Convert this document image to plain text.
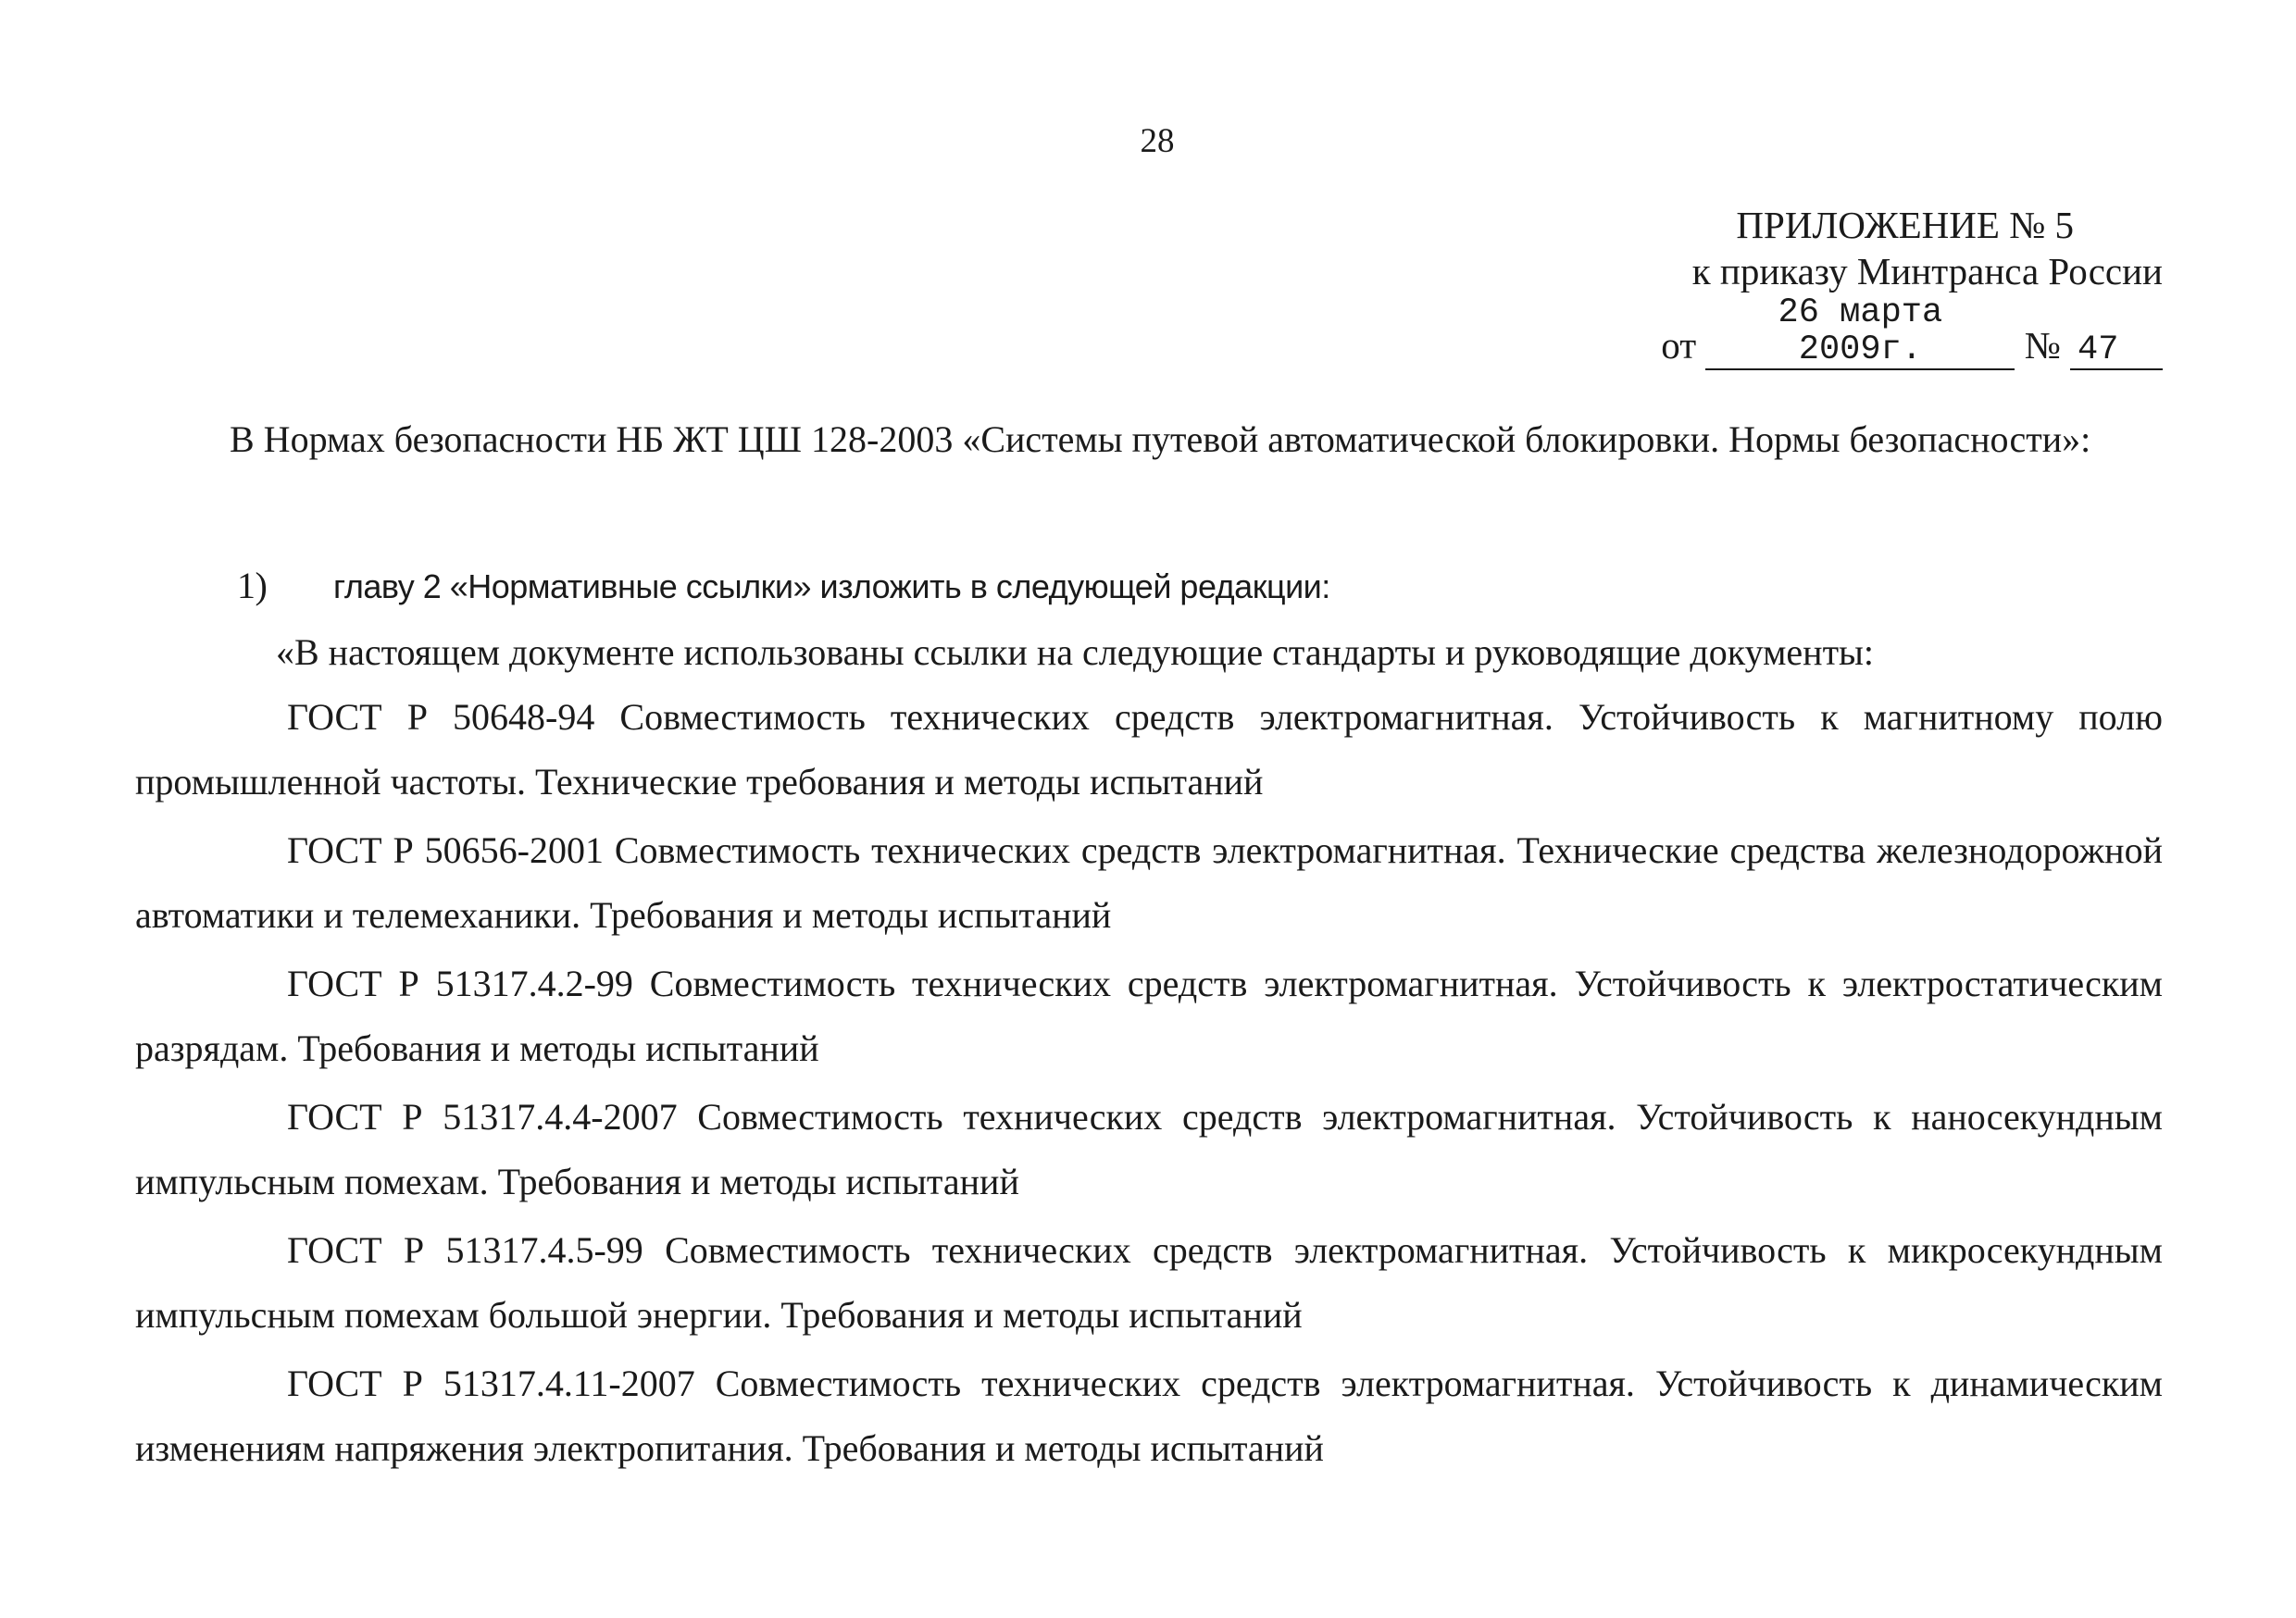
28
ПРИЛОЖЕНИЕ № 5
к приказу Минтранса России
от 26 марта 2009г.	№ 47

В Нормах безопасности НБ ЖТ ЦШ 128-2003 «Системы путевой автоматической блокировки. Нормы безопасности»:

1) главу 2 «Нормативные ссылки» изложить в следующей редакции:
«В настоящем документе использованы ссылки на следующие стандарты и руководящие документы:

ГОСТ Р 50648-94 Совместимость технических средств электромагнитная. Устойчивость к магнитному полю промышленной частоты. Технические требования и методы испытаний

ГОСТ Р 50656-2001 Совместимость технических средств электромагнитная. Технические средства железнодорожной автоматики и телемеханики. Требования и методы испытаний

ГОСТ Р 51317.4.2-99 Совместимость технических средств электромагнитная. Устойчивость к электростатическим разрядам. Требования и методы испытаний

ГОСТ Р 51317.4.4-2007 Совместимость технических средств электромагнитная. Устойчивость к наносекундным импульсным помехам. Требования и методы испытаний

ГОСТ Р 51317.4.5-99 Совместимость технических средств электромагнитная. Устойчивость к микросекундным импульсным помехам большой энергии. Требования и методы испытаний

ГОСТ Р 51317.4.11-2007 Совместимость технических средств электромагнитная. Устойчивость к динамическим изменениям напряжения электропитания. Требования и методы испытаний
